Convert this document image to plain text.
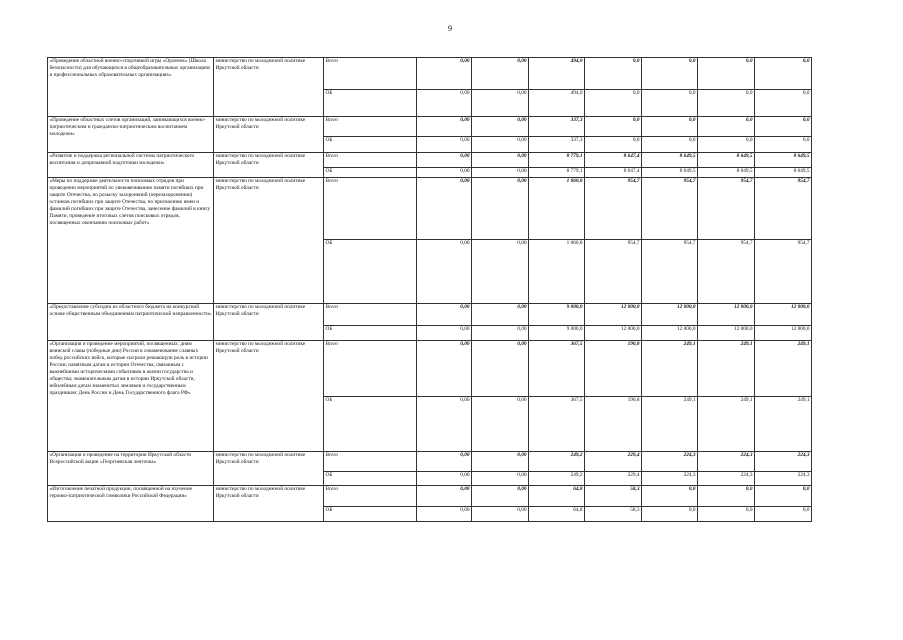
9
«Проведение областной военно-спортивной игры «Орленок» (Школа безопасности) для обучающихся в общеобразовательных организациях и профессиональных образовательных организациях»	министерство по молодежной политике Иркутской области	Всего	0,00	0,00	494,0	0,0	0,0	0,0	0,0
		ОБ	0,00	0,00	494,0	0,0	0,0	0,0	0,0
«Проведение областных слетов организаций, занимающихся военно-патриотическим и гражданско-патриотическим воспитанием молодежи»	министерство по молодежной политике Иркутской области	Всего	0,00	0,00	337,3	0,0	0,0	0,0	0,0
		ОБ	0,00	0,00	337,3	0,0	0,0	0,0	0,0
«Развитие и поддержка региональной системы патриотического воспитания и допризывной подготовки молодежи»	министерство по молодежной политике Иркутской области	Всего	0,00	0,00	8 779,1	8 647,4	8 649,5	8 649,5	8 649,5
		ОБ	0,00	0,00	8 779,1	8 647,4	8 649,5	8 649,5	8 649,5
«Меры по поддержке деятельности поисковых отрядов при проведении мероприятий по увековечиванию памяти погибших при защите Отечества, по розыску захоронений (перезахоронению) останков погибших при защите Отечества, по присвоению имен и фамилий погибших при защите Отечества, занесение фамилий в книгу Памяти, проведение итоговых слетов поисковых отрядов, посвященных окончанию поисковых работ»	министерство по молодежной политике Иркутской области	Всего	0,00	0,00	1 060,8	954,7	954,7	954,7	954,7
		ОБ	0,00	0,00	1 060,8	954,7	954,7	954,7	954,7
«Предоставление субсидии из областного бюджета на конкурсной основе общественным объединениям патриотической направленности»	министерство по молодежной политике Иркутской области	Всего	0,00	0,00	9 000,0	12 000,0	12 000,0	12 000,0	12 000,0
		ОБ	0,00	0,00	9 000,0	12 000,0	12 000,0	12 000,0	12 000,0
«Организация и проведение мероприятий, посвященных: дням воинской славы (победные дни) России в ознаменование славных побед российских войск, которые сыграли решающую роль в истории России; памятным датам в истории Отечества, связанным с важнейшими историческими событиями в жизни государства и общества; знаменательным датам в истории Иркутской области, юбилейным датам знаменитых земляков и государственным праздникам: День России и День Государственного флага РФ»	министерство по молодежной политике Иркутской области	Всего	0,00	0,00	367,5	190,8	249,1	249,1	249,1
		ОБ	0,00	0,00	367,5	190,8	249,1	249,1	249,1
«Организация и проведение на территории Иркутской области Всероссийской акции «Георгиевская ленточка»	министерство по молодежной политике Иркутской области	Всего	0,00	0,00	249,2	229,4	224,3	224,3	224,3
		ОБ	0,00	0,00	249,2	229,4	224,3	224,3	224,3
«Изготовление печатной продукции, посвященной на изучение героико-патриотической символики Российской Федерации»	министерство по молодежной политике Иркутской области	Всего	0,00	0,00	64,8	58,3	0,0	0,0	0,0
		ОБ	0,00	0,00	64,8	58,3	0,0	0,0	0,0
